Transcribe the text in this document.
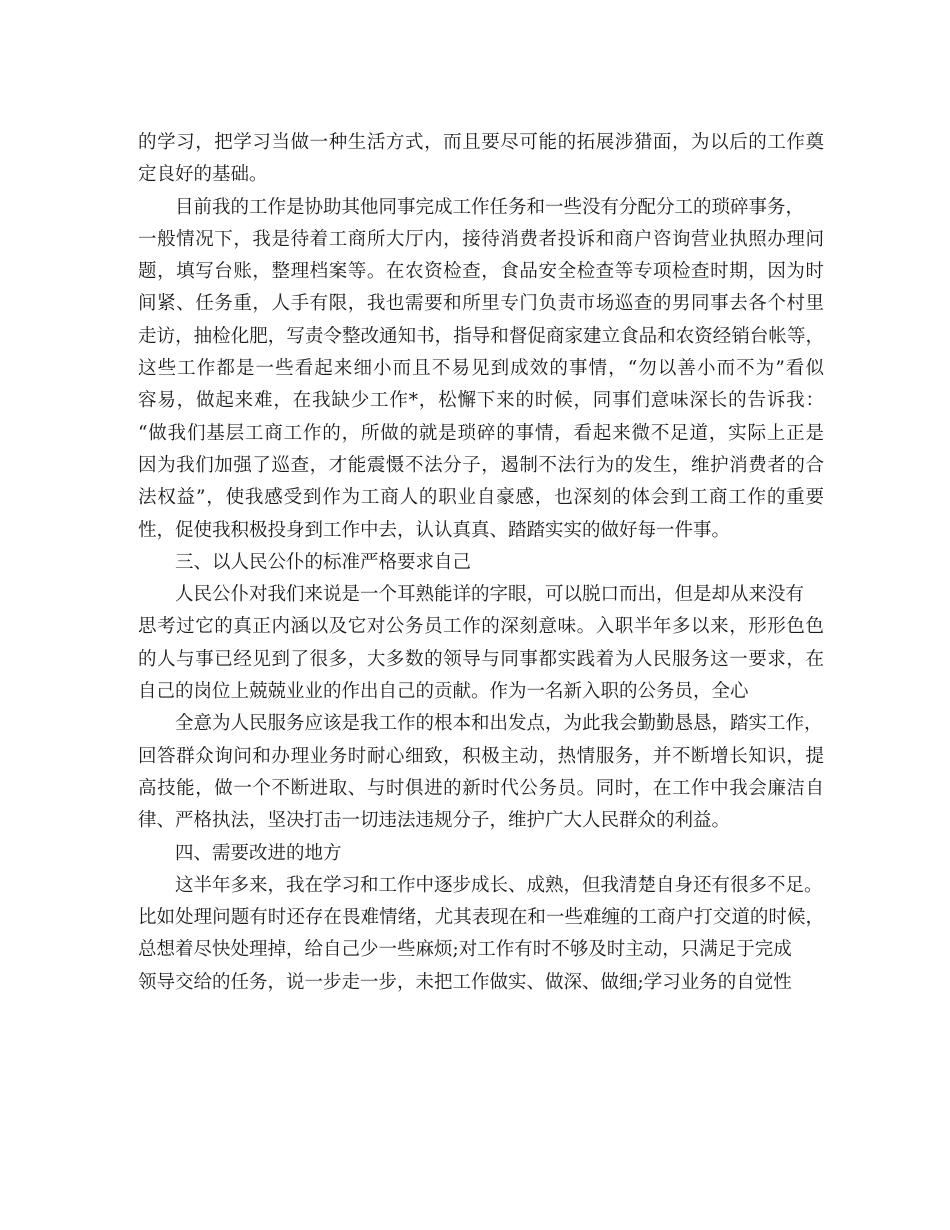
的学习，把学习当做一种生活方式，而且要尽可能的拓展涉猎面，为以后的工作奠
定良好的基础。
目前我的工作是协助其他同事完成工作任务和一些没有分配分工的琐碎事务，
一般情况下，我是待着工商所大厅内，接待消费者投诉和商户咨询营业执照办理问
题，填写台账，整理档案等。在农资检查，食品安全检查等专项检查时期，因为时
间紧、任务重，人手有限，我也需要和所里专门负责市场巡查的男同事去各个村里
走访，抽检化肥，写责令整改通知书，指导和督促商家建立食品和农资经销台帐等，
这些工作都是一些看起来细小而且不易见到成效的事情，“勿以善小而不为”看似
容易，做起来难，在我缺少工作*，松懈下来的时候，同事们意味深长的告诉我：
“做我们基层工商工作的，所做的就是琐碎的事情，看起来微不足道，实际上正是
因为我们加强了巡查，才能震慑不法分子，遏制不法行为的发生，维护消费者的合
法权益”，使我感受到作为工商人的职业自豪感，也深刻的体会到工商工作的重要
性，促使我积极投身到工作中去，认认真真、踏踏实实的做好每一件事。
三、以人民公仆的标准严格要求自己
人民公仆对我们来说是一个耳熟能详的字眼，可以脱口而出，但是却从来没有
思考过它的真正内涵以及它对公务员工作的深刻意味。入职半年多以来，形形色色
的人与事已经见到了很多，大多数的领导与同事都实践着为人民服务这一要求，在
自己的岗位上兢兢业业的作出自己的贡献。作为一名新入职的公务员，全心
全意为人民服务应该是我工作的根本和出发点，为此我会勤勤恳恳，踏实工作，
回答群众询问和办理业务时耐心细致，积极主动，热情服务，并不断增长知识，提
高技能，做一个不断进取、与时俱进的新时代公务员。同时，在工作中我会廉洁自
律、严格执法，坚决打击一切违法违规分子，维护广大人民群众的利益。
四、需要改进的地方
这半年多来，我在学习和工作中逐步成长、成熟，但我清楚自身还有很多不足。
比如处理问题有时还存在畏难情绪，尤其表现在和一些难缠的工商户打交道的时候，
总想着尽快处理掉，给自己少一些麻烦;对工作有时不够及时主动，只满足于完成
领导交给的任务，说一步走一步，未把工作做实、做深、做细;学习业务的自觉性
